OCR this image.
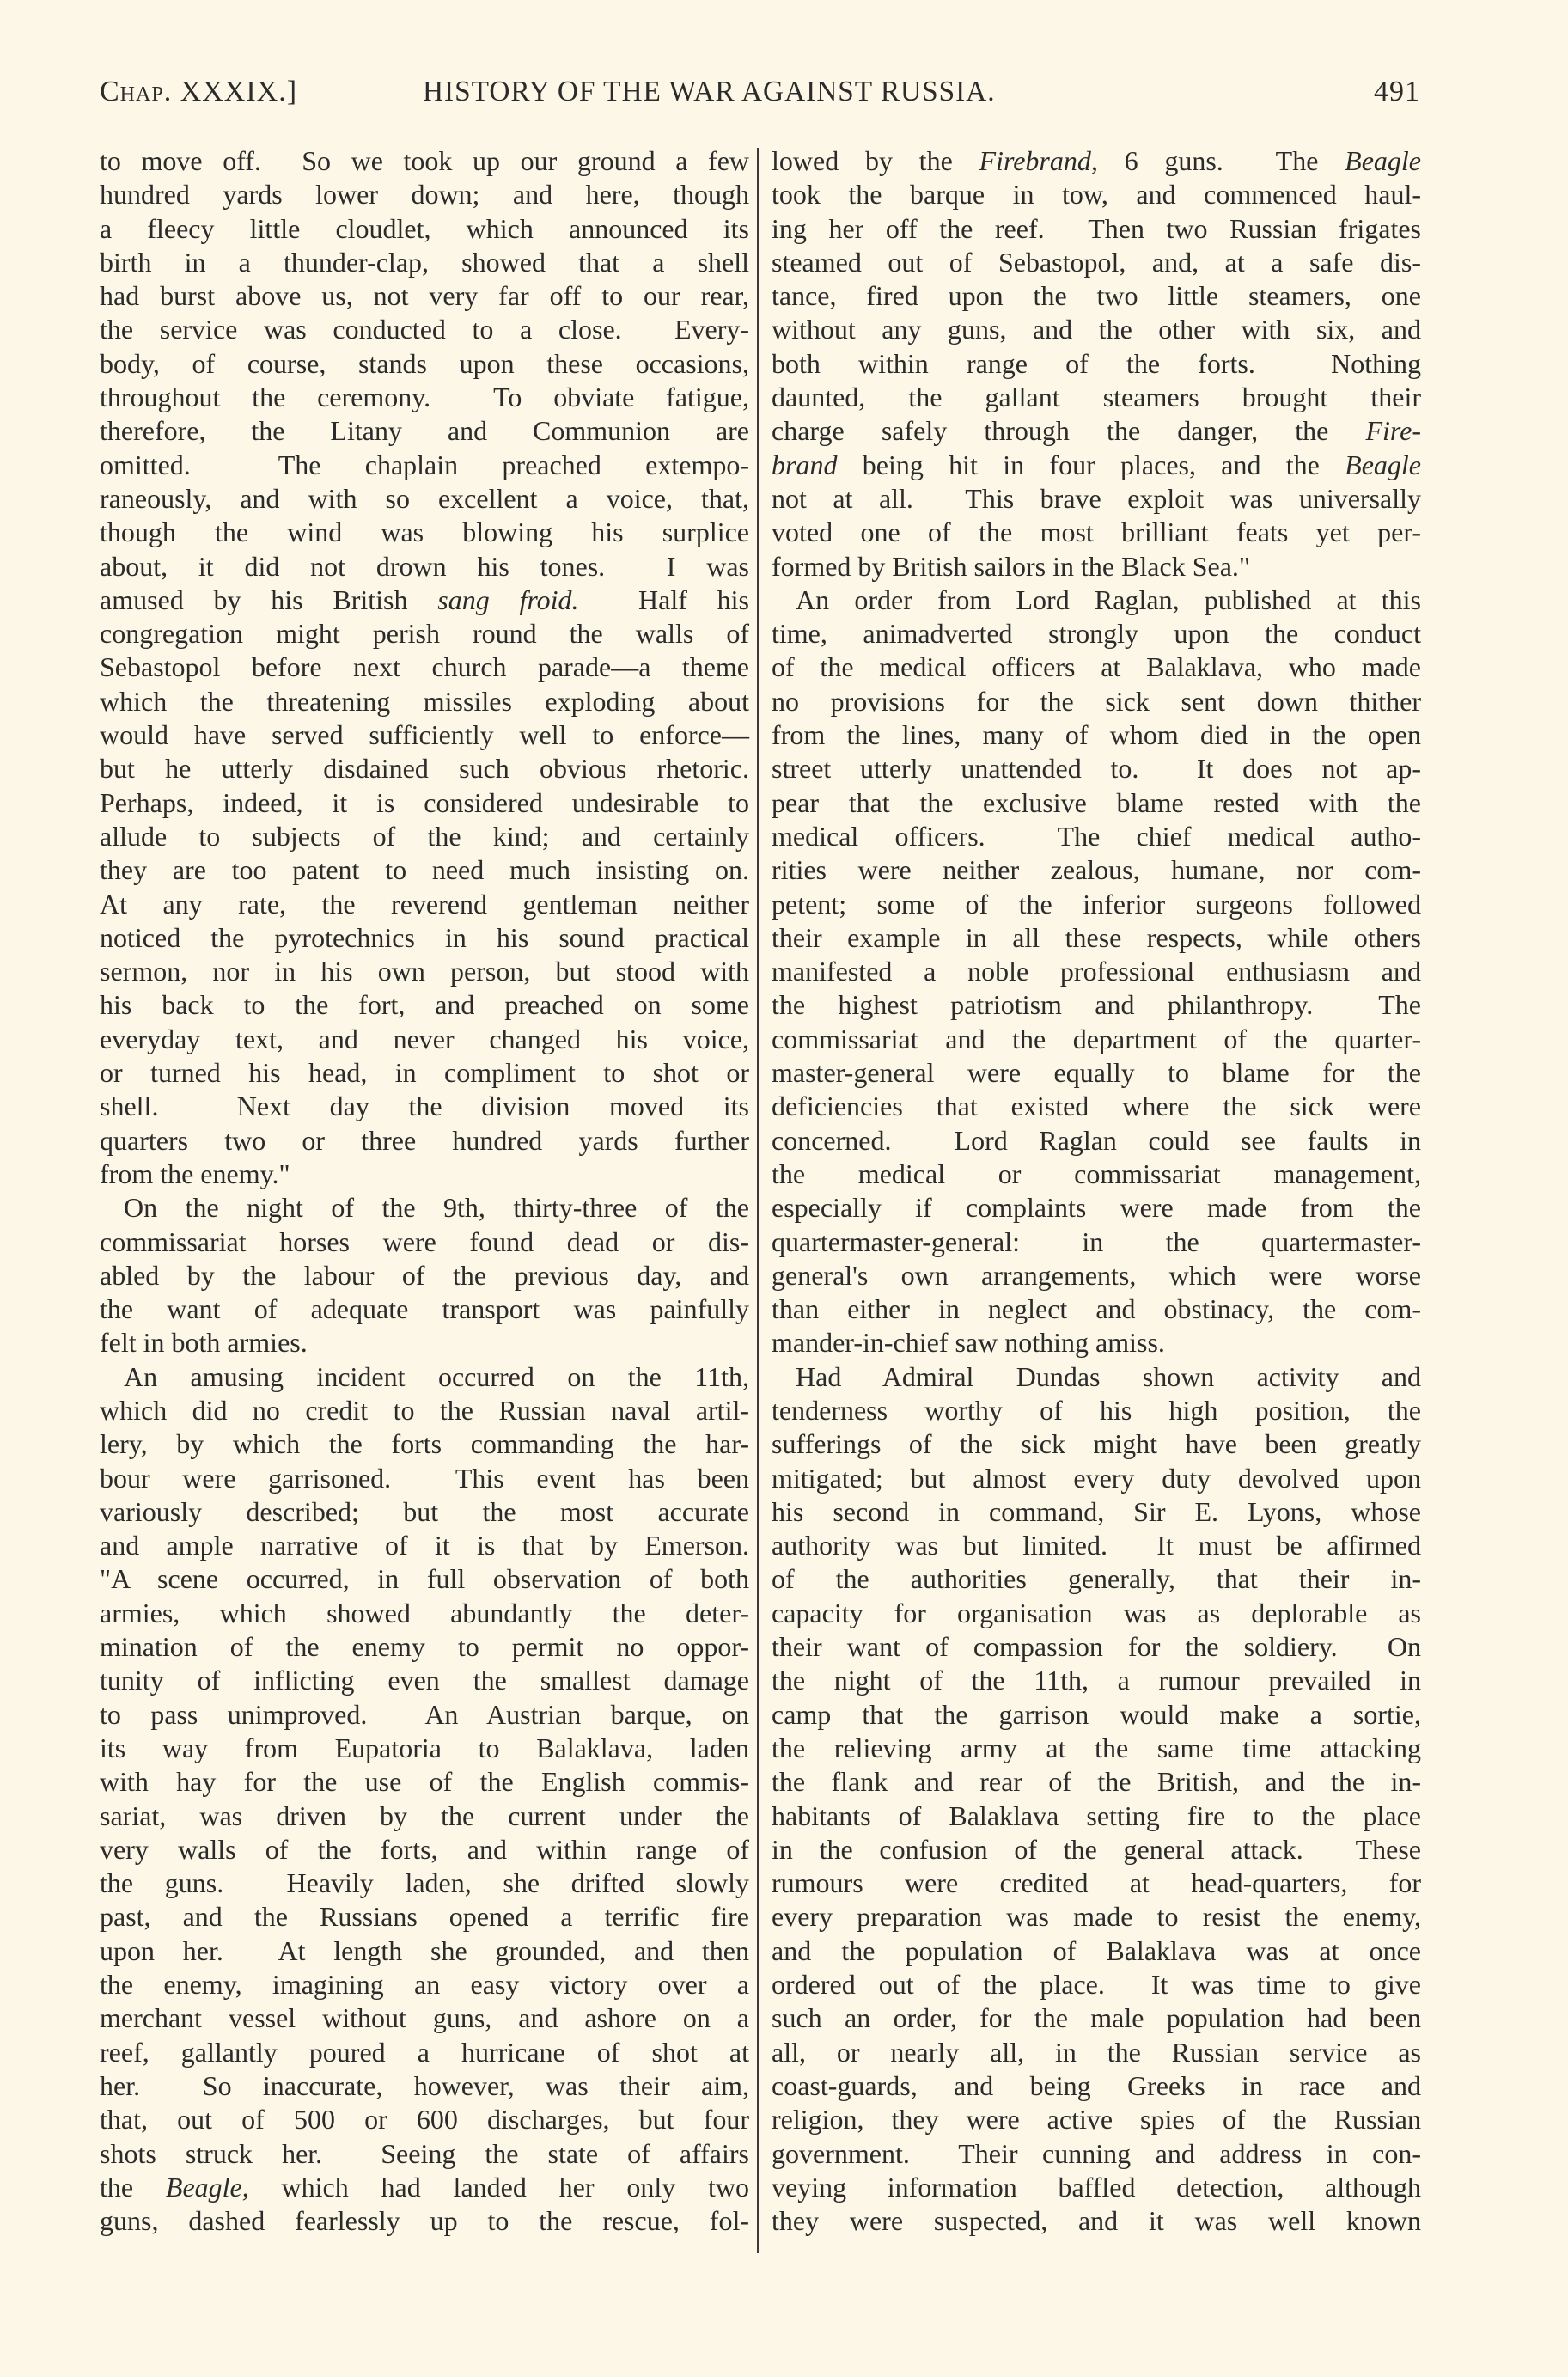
Chap. XXXIX.]	HISTORY OF THE WAR AGAINST RUSSIA.	491
to move off.  So we took up our ground a few
hundred yards lower down; and here, though
a fleecy little cloudlet, which announced its
birth in a thunder-clap, showed that a shell
had burst above us, not very far off to our rear,
the service was conducted to a close.  Every-
body, of course, stands upon these occasions,
throughout the ceremony.  To obviate fatigue,
therefore, the Litany and Communion are
omitted.  The chaplain preached extempo-
raneously, and with so excellent a voice, that,
though the wind was blowing his surplice
about, it did not drown his tones.  I was
amused by his British sang froid.  Half his
congregation might perish round the walls of
Sebastopol before next church parade—a theme
which the threatening missiles exploding about
would have served sufficiently well to enforce—
but he utterly disdained such obvious rhetoric.
Perhaps, indeed, it is considered undesirable to
allude to subjects of the kind; and certainly
they are too patent to need much insisting on.
At any rate, the reverend gentleman neither
noticed the pyrotechnics in his sound practical
sermon, nor in his own person, but stood with
his back to the fort, and preached on some
everyday text, and never changed his voice,
or turned his head, in compliment to shot or
shell.  Next day the division moved its
quarters two or three hundred yards further
from the enemy."
On the night of the 9th, thirty-three of the
commissariat horses were found dead or dis-
abled by the labour of the previous day, and
the want of adequate transport was painfully
felt in both armies.
An amusing incident occurred on the 11th,
which did no credit to the Russian naval artil-
lery, by which the forts commanding the har-
bour were garrisoned.  This event has been
variously described; but the most accurate
and ample narrative of it is that by Emerson.
"A scene occurred, in full observation of both
armies, which showed abundantly the deter-
mination of the enemy to permit no oppor-
tunity of inflicting even the smallest damage
to pass unimproved.  An Austrian barque, on
its way from Eupatoria to Balaklava, laden
with hay for the use of the English commis-
sariat, was driven by the current under the
very walls of the forts, and within range of
the guns.  Heavily laden, she drifted slowly
past, and the Russians opened a terrific fire
upon her.  At length she grounded, and then
the enemy, imagining an easy victory over a
merchant vessel without guns, and ashore on a
reef, gallantly poured a hurricane of shot at
her.  So inaccurate, however, was their aim,
that, out of 500 or 600 discharges, but four
shots struck her.  Seeing the state of affairs
the Beagle, which had landed her only two
guns, dashed fearlessly up to the rescue, fol-
lowed by the Firebrand, 6 guns.  The Beagle
took the barque in tow, and commenced haul-
ing her off the reef.  Then two Russian frigates
steamed out of Sebastopol, and, at a safe dis-
tance, fired upon the two little steamers, one
without any guns, and the other with six, and
both within range of the forts.  Nothing
daunted, the gallant steamers brought their
charge safely through the danger, the Fire-
brand being hit in four places, and the Beagle
not at all.  This brave exploit was universally
voted one of the most brilliant feats yet per-
formed by British sailors in the Black Sea."
An order from Lord Raglan, published at this
time, animadverted strongly upon the conduct
of the medical officers at Balaklava, who made
no provisions for the sick sent down thither
from the lines, many of whom died in the open
street utterly unattended to.  It does not ap-
pear that the exclusive blame rested with the
medical officers.  The chief medical autho-
rities were neither zealous, humane, nor com-
petent; some of the inferior surgeons followed
their example in all these respects, while others
manifested a noble professional enthusiasm and
the highest patriotism and philanthropy.  The
commissariat and the department of the quarter-
master-general were equally to blame for the
deficiencies that existed where the sick were
concerned.  Lord Raglan could see faults in
the medical or commissariat management,
especially if complaints were made from the
quartermaster-general: in the quartermaster-
general's own arrangements, which were worse
than either in neglect and obstinacy, the com-
mander-in-chief saw nothing amiss.
Had Admiral Dundas shown activity and
tenderness worthy of his high position, the
sufferings of the sick might have been greatly
mitigated; but almost every duty devolved upon
his second in command, Sir E. Lyons, whose
authority was but limited.  It must be affirmed
of the authorities generally, that their in-
capacity for organisation was as deplorable as
their want of compassion for the soldiery.  On
the night of the 11th, a rumour prevailed in
camp that the garrison would make a sortie,
the relieving army at the same time attacking
the flank and rear of the British, and the in-
habitants of Balaklava setting fire to the place
in the confusion of the general attack.  These
rumours were credited at head-quarters, for
every preparation was made to resist the enemy,
and the population of Balaklava was at once
ordered out of the place.  It was time to give
such an order, for the male population had been
all, or nearly all, in the Russian service as
coast-guards, and being Greeks in race and
religion, they were active spies of the Russian
government.  Their cunning and address in con-
veying information baffled detection, although
they were suspected, and it was well known
